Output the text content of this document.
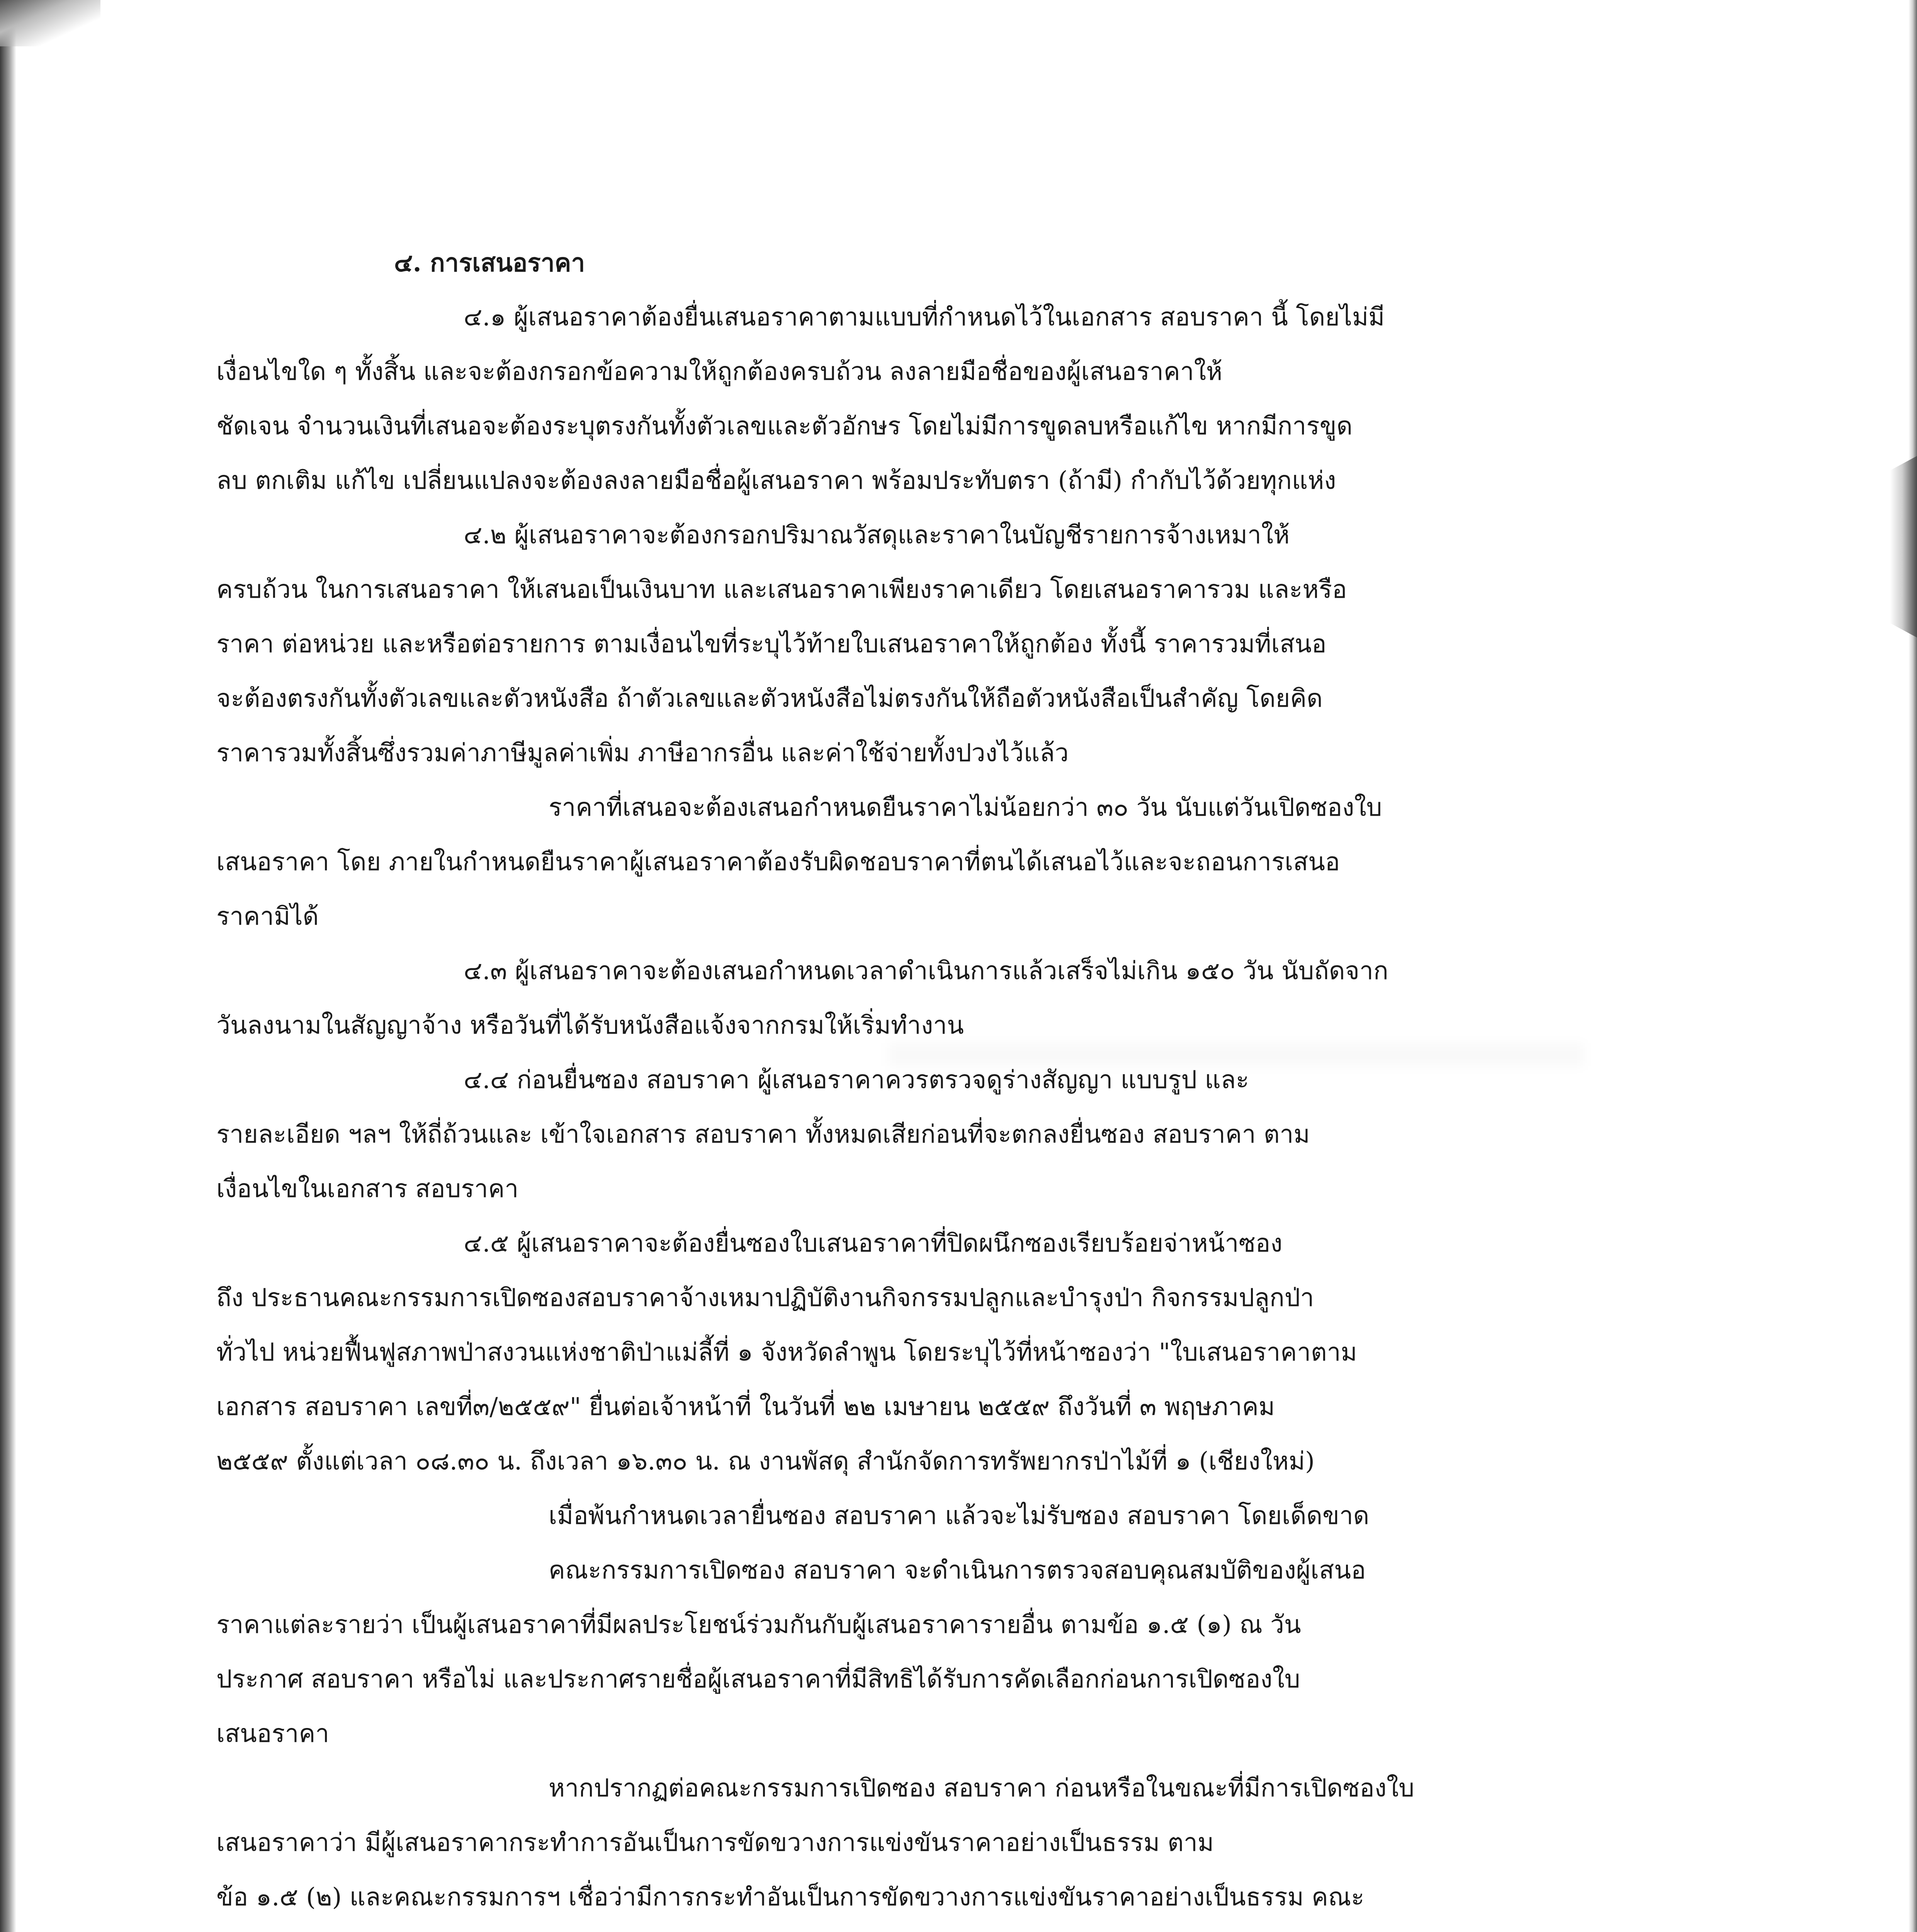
๔. การเสนอราคา
๔.๑ ผู้เสนอราคาต้องยื่นเสนอราคาตามแบบที่กำหนดไว้ในเอกสาร สอบราคา นี้ โดยไม่มี
เงื่อนไขใด ๆ ทั้งสิ้น และจะต้องกรอกข้อความให้ถูกต้องครบถ้วน ลงลายมือชื่อของผู้เสนอราคาให้
ชัดเจน จำนวนเงินที่เสนอจะต้องระบุตรงกันทั้งตัวเลขและตัวอักษร โดยไม่มีการขูดลบหรือแก้ไข หากมีการขูด
ลบ ตกเติม แก้ไข เปลี่ยนแปลงจะต้องลงลายมือชื่อผู้เสนอราคา พร้อมประทับตรา (ถ้ามี) กำกับไว้ด้วยทุกแห่ง
๔.๒ ผู้เสนอราคาจะต้องกรอกปริมาณวัสดุและราคาในบัญชีรายการจ้างเหมาให้
ครบถ้วน ในการเสนอราคา ให้เสนอเป็นเงินบาท และเสนอราคาเพียงราคาเดียว โดยเสนอราคารวม และหรือ
ราคา ต่อหน่วย และหรือต่อรายการ ตามเงื่อนไขที่ระบุไว้ท้ายใบเสนอราคาให้ถูกต้อง ทั้งนี้ ราคารวมที่เสนอ
จะต้องตรงกันทั้งตัวเลขและตัวหนังสือ ถ้าตัวเลขและตัวหนังสือไม่ตรงกันให้ถือตัวหนังสือเป็นสำคัญ โดยคิด
ราคารวมทั้งสิ้นซึ่งรวมค่าภาษีมูลค่าเพิ่ม ภาษีอากรอื่น และค่าใช้จ่ายทั้งปวงไว้แล้ว
ราคาที่เสนอจะต้องเสนอกำหนดยืนราคาไม่น้อยกว่า ๓๐ วัน นับแต่วันเปิดซองใบ
เสนอราคา โดย ภายในกำหนดยืนราคาผู้เสนอราคาต้องรับผิดชอบราคาที่ตนได้เสนอไว้และจะถอนการเสนอ
ราคามิได้
๔.๓ ผู้เสนอราคาจะต้องเสนอกำหนดเวลาดำเนินการแล้วเสร็จไม่เกิน ๑๕๐ วัน นับถัดจาก
วันลงนามในสัญญาจ้าง หรือวันที่ได้รับหนังสือแจ้งจากกรมให้เริ่มทำงาน
๔.๔ ก่อนยื่นซอง สอบราคา ผู้เสนอราคาควรตรวจดูร่างสัญญา แบบรูป และ
รายละเอียด ฯลฯ ให้ถี่ถ้วนและ เข้าใจเอกสาร สอบราคา ทั้งหมดเสียก่อนที่จะตกลงยื่นซอง สอบราคา ตาม
เงื่อนไขในเอกสาร สอบราคา
๔.๕ ผู้เสนอราคาจะต้องยื่นซองใบเสนอราคาที่ปิดผนึกซองเรียบร้อยจ่าหน้าซอง
ถึง ประธานคณะกรรมการเปิดซองสอบราคาจ้างเหมาปฏิบัติงานกิจกรรมปลูกและบำรุงป่า กิจกรรมปลูกป่า
ทั่วไป หน่วยฟื้นฟูสภาพป่าสงวนแห่งชาติป่าแม่ลี้ที่ ๑ จังหวัดลำพูน โดยระบุไว้ที่หน้าซองว่า "ใบเสนอราคาตาม
เอกสาร สอบราคา เลขที่๓/๒๕๕๙" ยื่นต่อเจ้าหน้าที่ ในวันที่ ๒๒ เมษายน ๒๕๕๙ ถึงวันที่ ๓ พฤษภาคม
๒๕๕๙ ตั้งแต่เวลา ๐๘.๓๐ น. ถึงเวลา ๑๖.๓๐ น. ณ งานพัสดุ สำนักจัดการทรัพยากรป่าไม้ที่ ๑ (เชียงใหม่)
เมื่อพ้นกำหนดเวลายื่นซอง สอบราคา แล้วจะไม่รับซอง สอบราคา โดยเด็ดขาด
คณะกรรมการเปิดซอง สอบราคา จะดำเนินการตรวจสอบคุณสมบัติของผู้เสนอ
ราคาแต่ละรายว่า เป็นผู้เสนอราคาที่มีผลประโยชน์ร่วมกันกับผู้เสนอราคารายอื่น ตามข้อ ๑.๕ (๑) ณ วัน
ประกาศ สอบราคา หรือไม่ และประกาศรายชื่อผู้เสนอราคาที่มีสิทธิได้รับการคัดเลือกก่อนการเปิดซองใบ
เสนอราคา
หากปรากฏต่อคณะกรรมการเปิดซอง สอบราคา ก่อนหรือในขณะที่มีการเปิดซองใบ
เสนอราคาว่า มีผู้เสนอราคากระทำการอันเป็นการขัดขวางการแข่งขันราคาอย่างเป็นธรรม ตาม
ข้อ ๑.๕ (๒) และคณะกรรมการฯ เชื่อว่ามีการกระทำอันเป็นการขัดขวางการแข่งขันราคาอย่างเป็นธรรม คณะ
